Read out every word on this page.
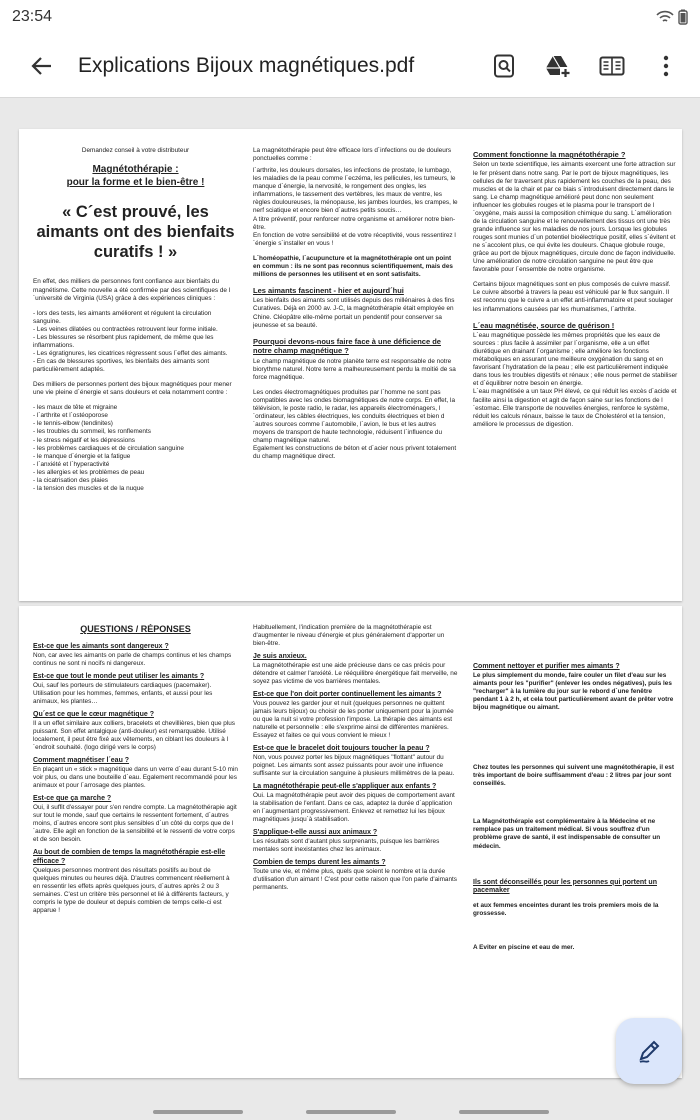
23:54
Explications Bijoux magnétiques.pdf
Demandez conseil à votre distributeur
Magnétothérapie :
pour la forme et le bien-être !
« C´est prouvé, les aimants ont des bienfaits curatifs ! »

En effet, des milliers de personnes font confiance aux bienfaits du magnétisme. Cette nouvelle a été confirmée par des scientifiques de l´université de Virginia (USA) grâce à des expériences cliniques :

- lors des tests, les aimants améliorent et régulent la circulation sanguine.
- Les veines dilatées ou contractées retrouvent leur forme initiale.
- Les blessures se résorbent plus rapidement, de même que les inflammations.
- Les égratignures, les cicatrices régressent sous l´effet des aimants.
- En cas de blessures sportives, les bienfaits des aimants sont particulièrement adaptés.

Des milliers de personnes portent des bijoux magnétiques pour mener une vie pleine d´énergie et sans douleurs et cela notamment contre :

- les maux de tête et migraine
- l´arthrite et l´ostéoporose
- le tennis-elbow (tendinites)
- les troubles du sommeil, les ronflements
- le stress négatif et les dépressions
- les problèmes cardiaques et de circulation sanguine
- le manque d´énergie et la fatigue
- l´anxiété et l´hyperactivité
- les allergies et les problèmes de peau
- la cicatrisation des plaies
- la tension des muscles et de la nuque

La magnétothérapie peut être efficace lors d´infections ou de douleurs ponctuelles comme :

l´arthrite, les douleurs dorsales, les infections de prostate, le lumbago, les maladies de la peau comme l´eczéma, les pellicules, les tumeurs, le manque d´énergie, la nervosité, le rongement des ongles, les inflammations, le tassement des vertèbres, les maux de ventre, les règles douloureuses, la ménopause, les jambes lourdes, les crampes, le nerf sciatique et encore bien d´autres petits soucis…

A titre préventif, pour renforcer notre organisme et améliorer notre bien-être.

En fonction de votre sensibilité et de votre réceptivité, vous ressentirez l´énergie s´installer en vous !

L´homéopathie, l´acupuncture et la magnétothérapie ont un point en commun : ils ne sont pas reconnus scientifiquement, mais des millions de personnes les utilisent et en sont satisfaits.

Les aimants fascinent - hier et aujourd´hui

Les bienfaits des aimants sont utilisés depuis des millénaires à des fins Curatives. Déjà en 2000 av. J-C, la magnétothérapie était employée en Chine. Cléopâtre elle-même portait un pendentif pour conserver sa jeunesse et sa beauté.

Pourquoi devons-nous faire face à une déficience de notre champ magnétique ?

Le champ magnétique de notre planète terre est responsable de notre biorythme naturel. Notre terre a malheureusement perdu la moitié de sa force magnétique.

Les ondes électromagnétiques produites par l´homme ne sont pas compatibles avec les ondes biomagnétiques de notre corps. En effet, la télévision, le poste radio, le radar, les appareils électroménagers, l´ordinateur, les câbles électriques, les conduits électriques et bien d´autres sources comme l´automobile, l´avion, le bus et les autres moyens de transport de haute technologie, réduisent l´influence du champ magnétique naturel.

Egalement les constructions de béton et d´acier nous privent totalement du champ magnétique direct.

Comment fonctionne la magnétothérapie ?

Selon un texte scientifique, les aimants exercent une forte attraction sur le fer présent dans notre sang. Par le port de bijoux magnétiques, les cellules de fer traversent plus rapidement les couches de la peau, des muscles et de la chair et par ce biais s´introduisent directement dans le sang. Le champ magnétique amélioré peut donc non seulement influencer les globules rouges et le plasma pour le transport de l´oxygène, mais aussi la composition chimique du sang. L´amélioration de la circulation sanguine et le renouvellement des tissus ont une très grande influence sur les maladies de nos jours. Lorsque les globules rouges sont munies d´un potentiel bioélectrique positif, elles s´évitent et ne s´accolent plus, ce qui évite les douleurs. Chaque globule rouge, grâce au port de bijoux magnétiques, circule donc de façon individuelle. Une amélioration de notre circulation sanguine ne peut être que favorable pour l´ensemble de notre organisme.

Certains bijoux magnétiques sont en plus composés de cuivre massif. Le cuivre absorbé à travers la peau est véhiculé par le flux sanguin. Il est reconnu que le cuivre a un effet anti-inflammatoire et peut soulager les inflammations causées par les rhumatismes, l´arthrite.

L´eau magnétisée, source de guérison !

L´eau magnétique possède les mêmes propriétés que les eaux de sources : plus facile à assimiler par l´organisme, elle a un effet diurétique en drainant l´organisme ; elle améliore les fonctions métaboliques en assurant une meilleure oxygénation du sang et en favorisant l´hydratation de la peau ; elle est particulièrement indiquée dans tous les troubles digestifs et rénaux ; elle nous permet de stabiliser et d´équilibrer notre besoin en énergie.

L´eau magnétisée a un taux PH élevé, ce qui réduit les excès d´acide et facilite ainsi la digestion et agit de façon saine sur les fonctions de l´estomac. Elle transporte de nouvelles énergies, renforce le système, réduit les calculs rénaux, baisse le taux de Cholestérol et la tension, améliore le processus de digestion.

QUESTIONS / RÉPONSES
Est-ce que les aimants sont dangereux ?
Non, car avec les aimants on parle de champs continus et les champs continus ne sont ni nocifs ni dangereux.
Est-ce que tout le monde peut utiliser les aimants ?
Oui, sauf les porteurs de stimulateurs cardiaques (pacemaker). Utilisation pour les hommes, femmes, enfants, et aussi pour les animaux, les plantes…
Qu´est ce que le cœur magnétique ?
Il a un effet similaire aux colliers, bracelets et chevillières, bien que plus puissant. Son effet antalgique (anti-douleur) est remarquable. Utilisé localement, il peut être fixé aux vêtements, en ciblant les douleurs à l´endroit souhaité. (logo dirigé vers le corps)
Comment magnétiser l´eau ?
En plaçant un « stick » magnétique dans un verre d´eau durant 5-10 min voir plus, ou dans une bouteille d´eau. Egalement recommandé pour les animaux et pour l´arrosage des plantes.
Est-ce que ça marche ?
Oui, il suffit d'essayer pour s'en rendre compte. La magnétothérapie agit sur tout le monde, sauf que certains le ressentent fortement, d´autres moins, d´autres encore sont plus sensibles d´un côté du corps que de l´autre. Elle agit en fonction de la sensibilité et le ressenti de votre corps et de son besoin.
Au bout de combien de temps la magnétothérapie est-elle efficace ?
Quelques personnes montrent des résultats positifs au bout de quelques minutes ou heures déjà. D'autres commencent réellement à en ressentir les effets après quelques jours, d´autres après 2 ou 3 semaines. C'est un critère très personnel et lié à différents facteurs, y compris le type de douleur et depuis combien de temps celle-ci est apparue !

Habituellement, l'indication première de la magnétothérapie est d'augmenter le niveau d'énergie et plus généralement d'apporter un bien-être.

Je suis anxieux.
La magnétothérapie est une aide précieuse dans ce cas précis pour détendre et calmer l'anxiété. Le rééquilibre énergétique fait merveille, ne soyez pas victime de vos barrières mentales.
Est-ce que l'on doit porter continuellement les aimants ?
Vous pouvez les garder jour et nuit (quelques personnes ne quittent jamais leurs bijoux) ou choisir de les porter uniquement pour la journée ou que la nuit si votre profession l'impose. La thérapie des aimants est naturelle et personnelle : elle s'exprime ainsi de différentes manières. Essayez et faites ce qui vous convient le mieux !
Est-ce que le bracelet doit toujours toucher la peau ?
Non, vous pouvez porter les bijoux magnétiques "flottant" autour du poignet. Les aimants sont assez puissants pour avoir une influence suffisante sur la circulation sanguine à plusieurs millimètres de la peau.
La magnétothérapie peut-elle s'appliquer aux enfants ?
Oui. La magnétothérapie peut avoir des piques de comportement avant la stabilisation de l'enfant. Dans ce cas, adaptez la durée d´application en l´augmentant progressivement. Enlevez et remettez lui les bijoux magnétiques jusqu´à stabilisation.
S'applique-t-elle aussi aux animaux ?
Les résultats sont d'autant plus surprenants, puisque les barrières mentales sont inexistantes chez les animaux.
Combien de temps durent les aimants ?
Toute une vie, et même plus, quels que soient le nombre et la durée d'utilisation d'un aimant ! C'est pour cette raison que l'on parle d'aimants permanents.
Comment nettoyer et purifier mes aimants ?

Le plus simplement du monde, faire couler un filet d'eau sur les aimants pour les "purifier" (enlever les ondes négatives), puis les "recharger" à la lumière du jour sur le rebord d´une fenêtre pendant 1 à 2 h, et cela tout particulièrement avant de prêter votre bijou magnétique ou aimant.

Chez toutes les personnes qui suivent une magnétothérapie, il est très important de boire suffisamment d'eau : 2 litres par jour sont conseillés.

La Magnétothérapie est complémentaire à la Médecine et ne remplace pas un traitement médical. Si vous souffrez d'un problème grave de santé, il est indispensable de consulter un médecin.

Ils sont déconseillés pour les personnes qui portent un pacemaker

et aux femmes enceintes durant les trois premiers mois de la grossesse.

A Eviter en piscine et eau de mer.
